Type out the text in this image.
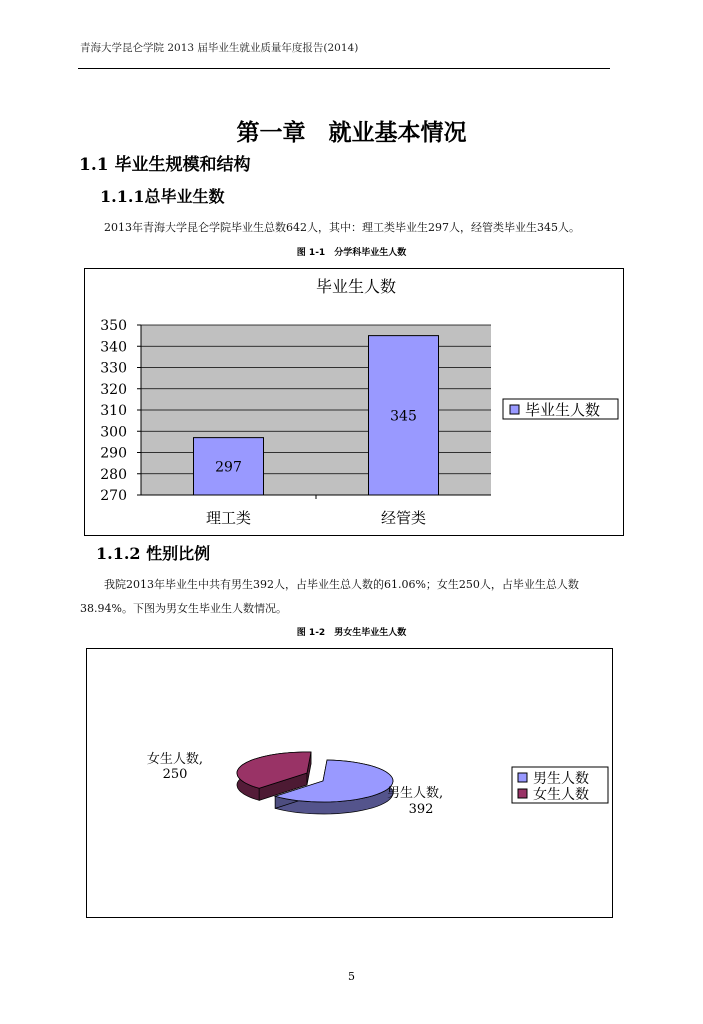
青海大学昆仑学院 2013 届毕业生就业质量年度报告(2014)
第一章　就业基本情况
1.1 毕业生规模和结构
1.1.1总毕业生数
2013年青海大学昆仑学院毕业生总数642人，其中：理工类毕业生297人，经管类毕业生345人。
图 1-1　分学科毕业生人数
297
345
270
280
290
300
310
320
330
340
350
理工类	经管类
毕业生人数
毕业生人数
1.1.2 性别比例
我院2013年毕业生中共有男生392人，占毕业生总人数的61.06%；女生250人，占毕业生总人数
38.94%。下图为男女生毕业生人数情况。
图 1-2　男女生毕业生人数
男生人数,
392
女生人数,
250	男生人数
女生人数
5
